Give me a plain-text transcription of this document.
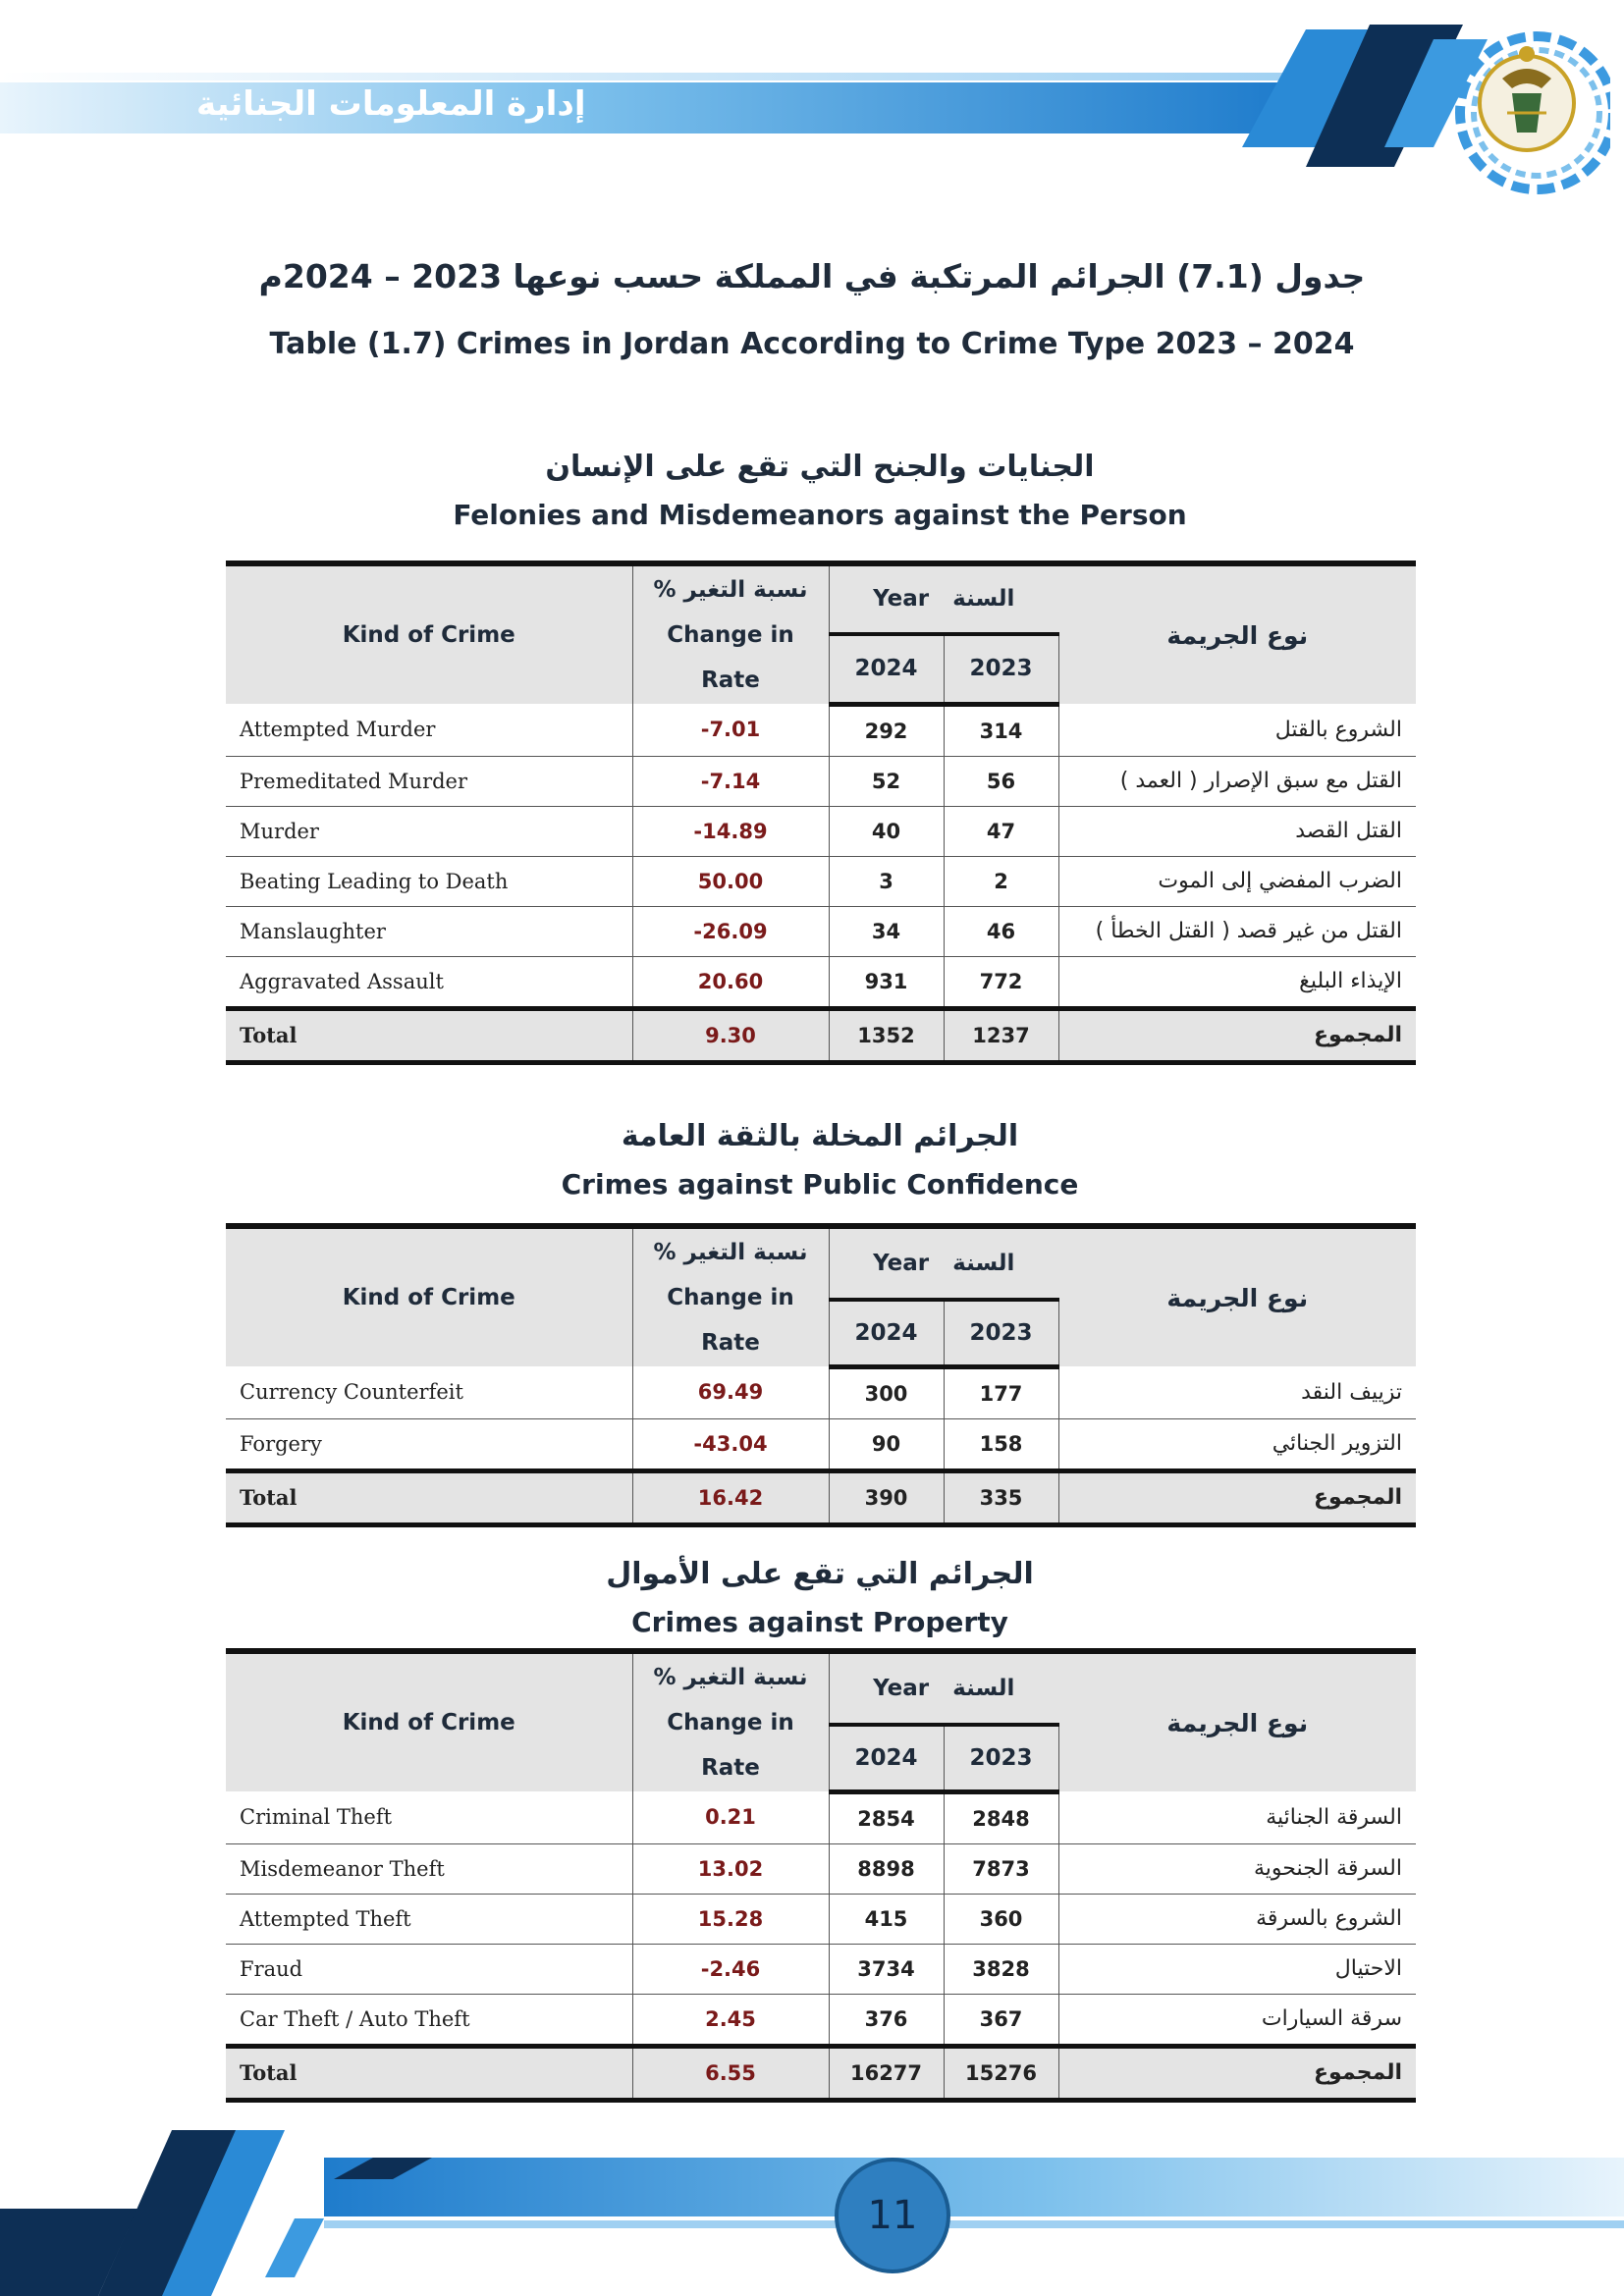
إدارة المعلومات الجنائية
جدول (7.1) الجرائم المرتكبة في المملكة حسب نوعها 2023 – 2024م
Table (1.7) Crimes in Jordan According to Crime Type 2023 – 2024
الجنايات والجنح التي تقع على الإنسان
Felonies and Misdemeanors against the Person
Kind of Crime	نسبة التغير %
Change in Rate	Year السنة		نوع الجريمة
		2024	2023	
Attempted Murder	-7.01	292	314	الشروع بالقتل
Premeditated Murder	-7.14	52	56	القتل مع سبق الإصرار ( العمد )
Murder	-14.89	40	47	القتل القصد
Beating Leading to Death	50.00	3	2	الضرب المفضي إلى الموت
Manslaughter	-26.09	34	46	القتل من غير قصد ( القتل الخطأ )
Aggravated Assault	20.60	931	772	الإيذاء البليغ
Total	9.30	1352	1237	المجموع
الجرائم المخلة بالثقة العامة
Crimes against Public Confidence
Kind of Crime	نسبة التغير %
Change in Rate	Year السنة		نوع الجريمة
		2024	2023	
Currency Counterfeit	69.49	300	177	تزييف النقد
Forgery	-43.04	90	158	التزوير الجنائي
Total	16.42	390	335	المجموع
الجرائم التي تقع على الأموال
Crimes against Property
Kind of Crime	نسبة التغير %
Change in Rate	Year السنة		نوع الجريمة
		2024	2023	
Criminal Theft	0.21	2854	2848	السرقة الجنائية
Misdemeanor Theft	13.02	8898	7873	السرقة الجنحوية
Attempted Theft	15.28	415	360	الشروع بالسرقة
Fraud	-2.46	3734	3828	الاحتيال
Car Theft / Auto Theft	2.45	376	367	سرقة السيارات
Total	6.55	16277	15276	المجموع
11
